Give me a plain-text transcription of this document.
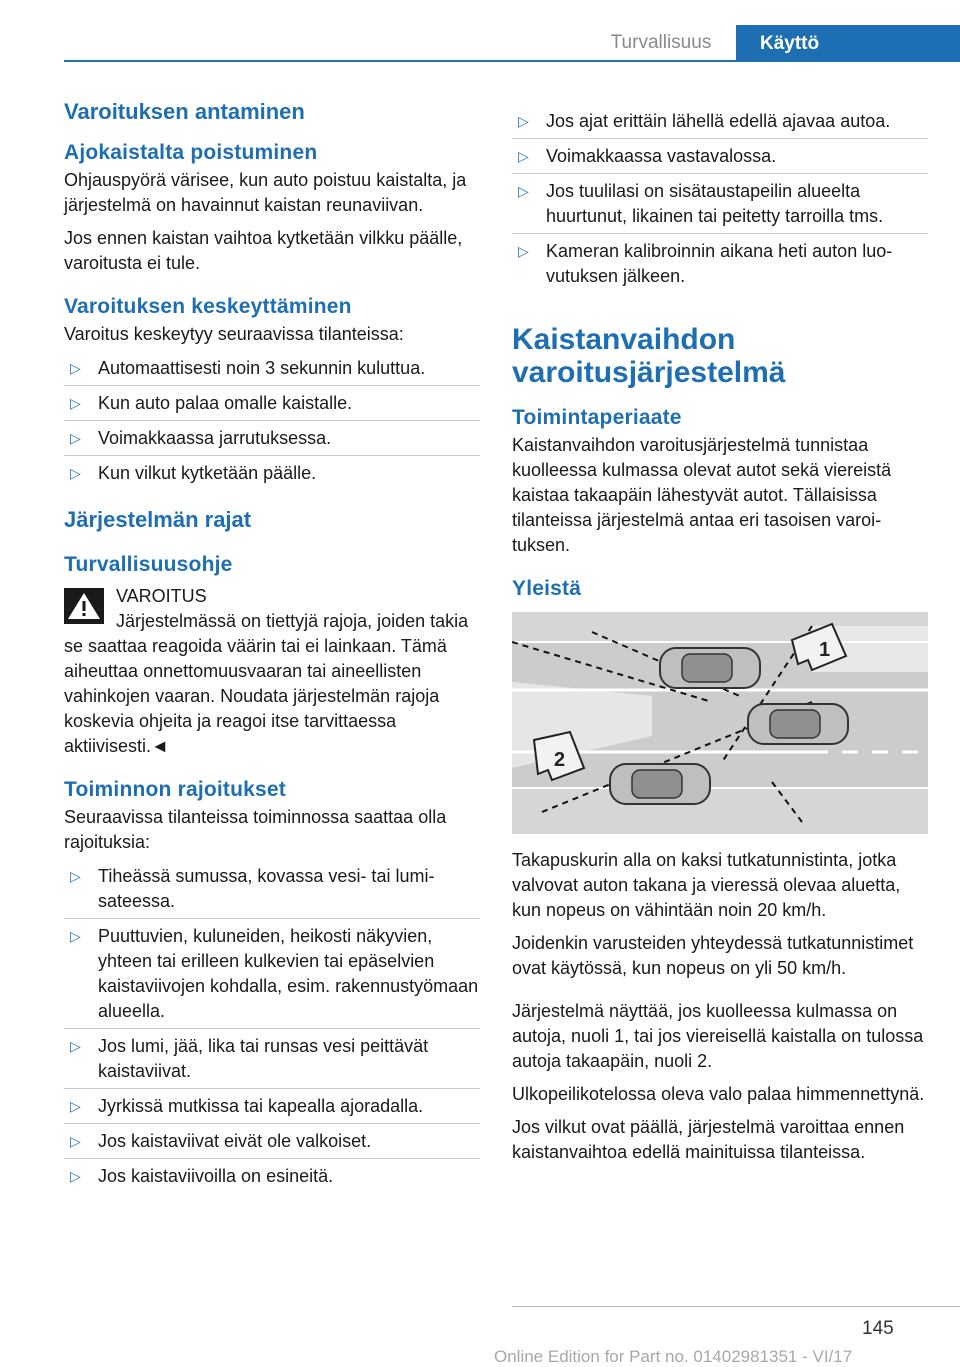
Turvallisuus	Käyttö
Varoituksen antaminen
Ajokaistalta poistuminen

Ohjauspyörä värisee, kun auto poistuu kaistalta, ja järjestelmä on havainnut kaistan reunaviivan.

Jos ennen kaistan vaihtoa kytketään vilkku päälle, varoitusta ei tule.

Varoituksen keskeyttäminen

Varoitus keskeytyy seuraavissa tilanteissa:

▷ Automaattisesti noin 3 sekunnin kuluttua.
▷ Kun auto palaa omalle kaistalle.
▷ Voimakkaassa jarrutuksessa.
▷ Kun vilkut kytketään päälle.
Järjestelmän rajat
Turvallisuusohje
VAROITUS
Järjestelmässä on tiettyjä rajoja, joiden takia se saattaa reagoida väärin tai ei lainkaan. Tämä aiheuttaa onnettomuusvaaran tai aineellisten vahinkojen vaaran. Noudata järjestelmän rajoja koskevia ohjeita ja reagoi itse tarvittaessa aktiivisesti.◄
Toiminnon rajoitukset

Seuraavissa tilanteissa toiminnossa saattaa olla rajoituksia:

▷ Tiheässä sumussa, kovassa vesi- tai lumisateessa.
▷ Puuttuvien, kuluneiden, heikosti näkyvien, yhteen tai erilleen kulkevien tai epäselvien kaistaviivojen kohdalla, esim. rakennustyömaan alueella.
▷ Jos lumi, jää, lika tai runsas vesi peittävät kaistaviivat.
▷ Jyrkissä mutkissa tai kapealla ajoradalla.
▷ Jos kaistaviivat eivät ole valkoiset.
▷ Jos kaistaviivoilla on esineitä.
▷ Jos ajat erittäin lähellä edellä ajavaa autoa.
▷ Voimakkaassa vastavalossa.
▷ Jos tuulilasi on sisätaustapeilin alueelta huurtunut, likainen tai peitetty tarroilla tms.
▷ Kameran kalibroinnin aikana heti auton luovutuksen jälkeen.
Kaistanvaihdon varoitusjärjestelmä
Toimintaperiaate

Kaistanvaihdon varoitusjärjestelmä tunnistaa kuolleessa kulmassa olevat autot sekä viereistä kaistaa takaapäin lähestyvät autot. Tällaisissa tilanteissa järjestelmä antaa eri tasoisen varoituksen.

Yleistä
1
2

Takapuskurin alla on kaksi tutkatunnistinta, jotka valvovat auton takana ja vieressä olevaa aluetta, kun nopeus on vähintään noin 20 km/h.

Joidenkin varusteiden yhteydessä tutkatunnistimet ovat käytössä, kun nopeus on yli 50 km/h.

Järjestelmä näyttää, jos kuolleessa kulmassa on autoja, nuoli 1, tai jos viereisellä kaistalla on tulossa autoja takaapäin, nuoli 2.

Ulkopeilikotelossa oleva valo palaa himmennettynä.

Jos vilkut ovat päällä, järjestelmä varoittaa ennen kaistanvaihtoa edellä mainituissa tilanteissa.

145
Online Edition for Part no. 01402981351 - VI/17
